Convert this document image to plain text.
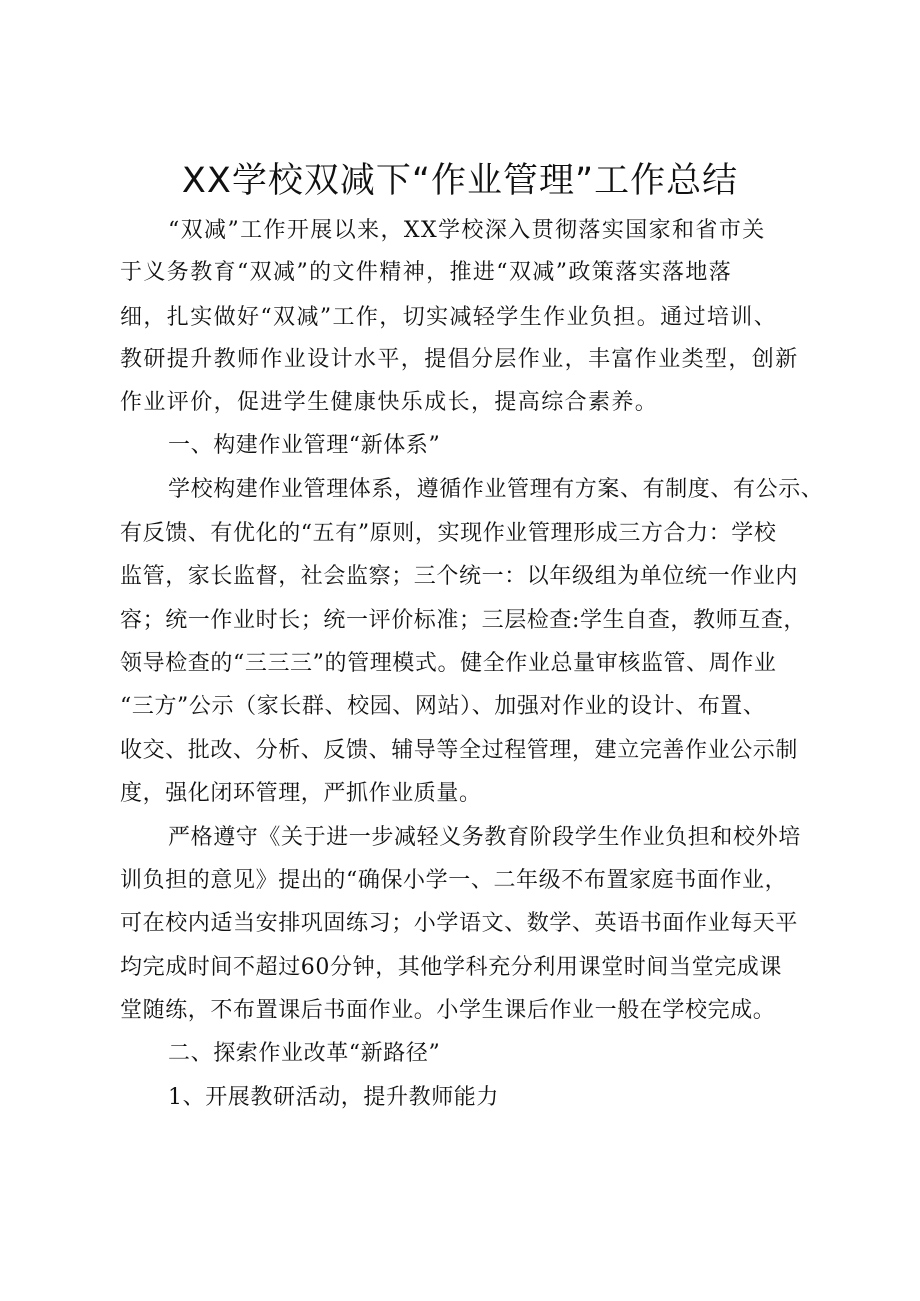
XX学校双减下“作业管理”工作总结

“双减”工作开展以来，XX学校深入贯彻落实国家和省市关

于义务教育“双减”的文件精神，推进“双减”政策落实落地落

细，扎实做好“双减”工作，切实减轻学生作业负担。通过培训、

教研提升教师作业设计水平，提倡分层作业，丰富作业类型，创新

作业评价，促进学生健康快乐成长，提高综合素养。

一、构建作业管理“新体系”

学校构建作业管理体系，遵循作业管理有方案、有制度、有公示、

有反馈、有优化的“五有”原则，实现作业管理形成三方合力：学校

监管，家长监督，社会监察；三个统一：以年级组为单位统一作业内

容；统一作业时长；统一评价标准；三层检查:学生自查，教师互查，

领导检查的“三三三”的管理模式。健全作业总量审核监管、周作业

“三方”公示（家长群、校园、网站）、加强对作业的设计、布置、

收交、批改、分析、反馈、辅导等全过程管理，建立完善作业公示制

度，强化闭环管理，严抓作业质量。

严格遵守《关于进一步减轻义务教育阶段学生作业负担和校外培

训负担的意见》提出的“确保小学一、二年级不布置家庭书面作业，

可在校内适当安排巩固练习；小学语文、数学、英语书面作业每天平

均完成时间不超过60分钟，其他学科充分利用课堂时间当堂完成课

堂随练，不布置课后书面作业。小学生课后作业一般在学校完成。

二、探索作业改革“新路径”

1、开展教研活动，提升教师能力
